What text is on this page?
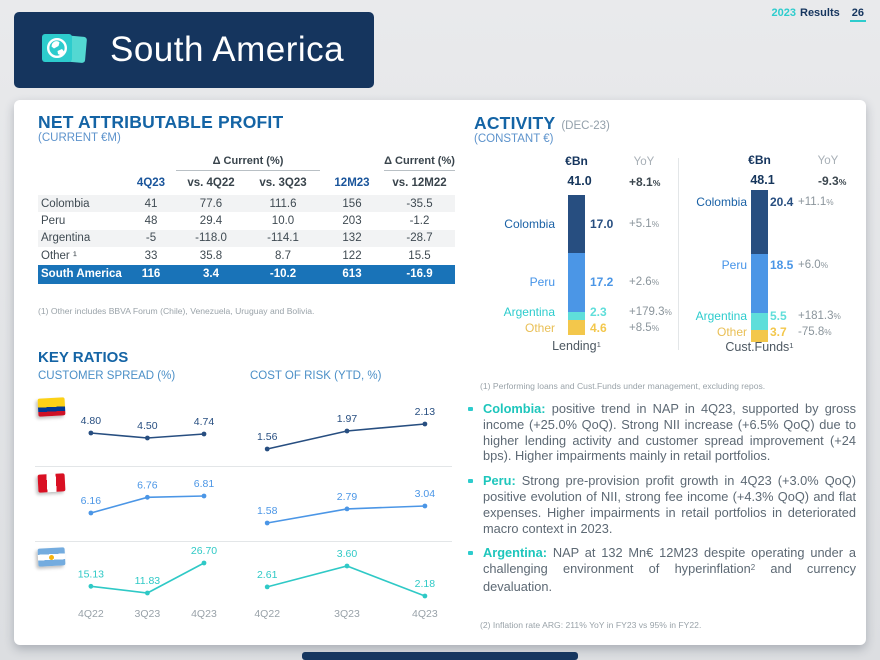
2023 Results 26
South America
NET ATTRIBUTABLE PROFIT
(CURRENT €M)
Δ Current (%)	Δ Current (%)
4Q23	vs. 4Q22	vs. 3Q23	12M23	vs. 12M22
Colombia	41	77.6	111.6	156	-35.5
Peru	48	29.4	10.0	203	-1.2
Argentina	-5	-118.0	-114.1	132	-28.7
Other ¹	33	35.8	8.7	122	15.5
South America	116	3.4	-10.2	613	-16.9
(1) Other includes BBVA Forum (Chile), Venezuela, Uruguay and Bolivia.
KEY RATIOS
CUSTOMER SPREAD (%)	COST OF RISK (YTD, %)
4.80	4.50	4.74
6.16
6.76	6.81
15.13
11.83
26.70
1.56
1.97
2.13
1.58
2.79	3.04
2.61
3.60
2.18
ACTIVITY (DEC-23)
(CONSTANT €)
€Bn	YoY
41.0	+8.1%
Colombia	17.0 +5.1%
Peru	17.2 +2.6%
Argentina	2.3 +179.3%
Other	4.6 +8.5%
Lending$^1$
€Bn	YoY
48.1	-9.3%
Colombia 20.4 +11.1%
Peru 18.5 +6.0%
Argentina 5.5 +181.3%
Other 3.7 -75.8%
Cust.Funds$^1$
(1) Performing loans and Cust.Funds under management, excluding repos.
Colombia: positive trend in NAP in 4Q23, supported by gross income (+25.0% QoQ). Strong NII increase (+6.5% QoQ) due to higher lending activity and customer spread improvement (+24 bps). Higher impairments mainly in retail portfolios.
Peru: Strong pre-provision profit growth in 4Q23 (+3.0% QoQ) positive evolution of NII, strong fee income (+4.3% QoQ) and flat expenses. Higher impairments in retail portfolios in deteriorated macro context in 2023.
Argentina: NAP at 132 Mn€ 12M23 despite operating under a challenging environment of hyperinflation$^2$ and currency devaluation.
(2) Inflation rate ARG: 211% YoY in FY23 vs 95% in FY22.
4Q22	3Q23	4Q23	4Q22	3Q23	4Q23
